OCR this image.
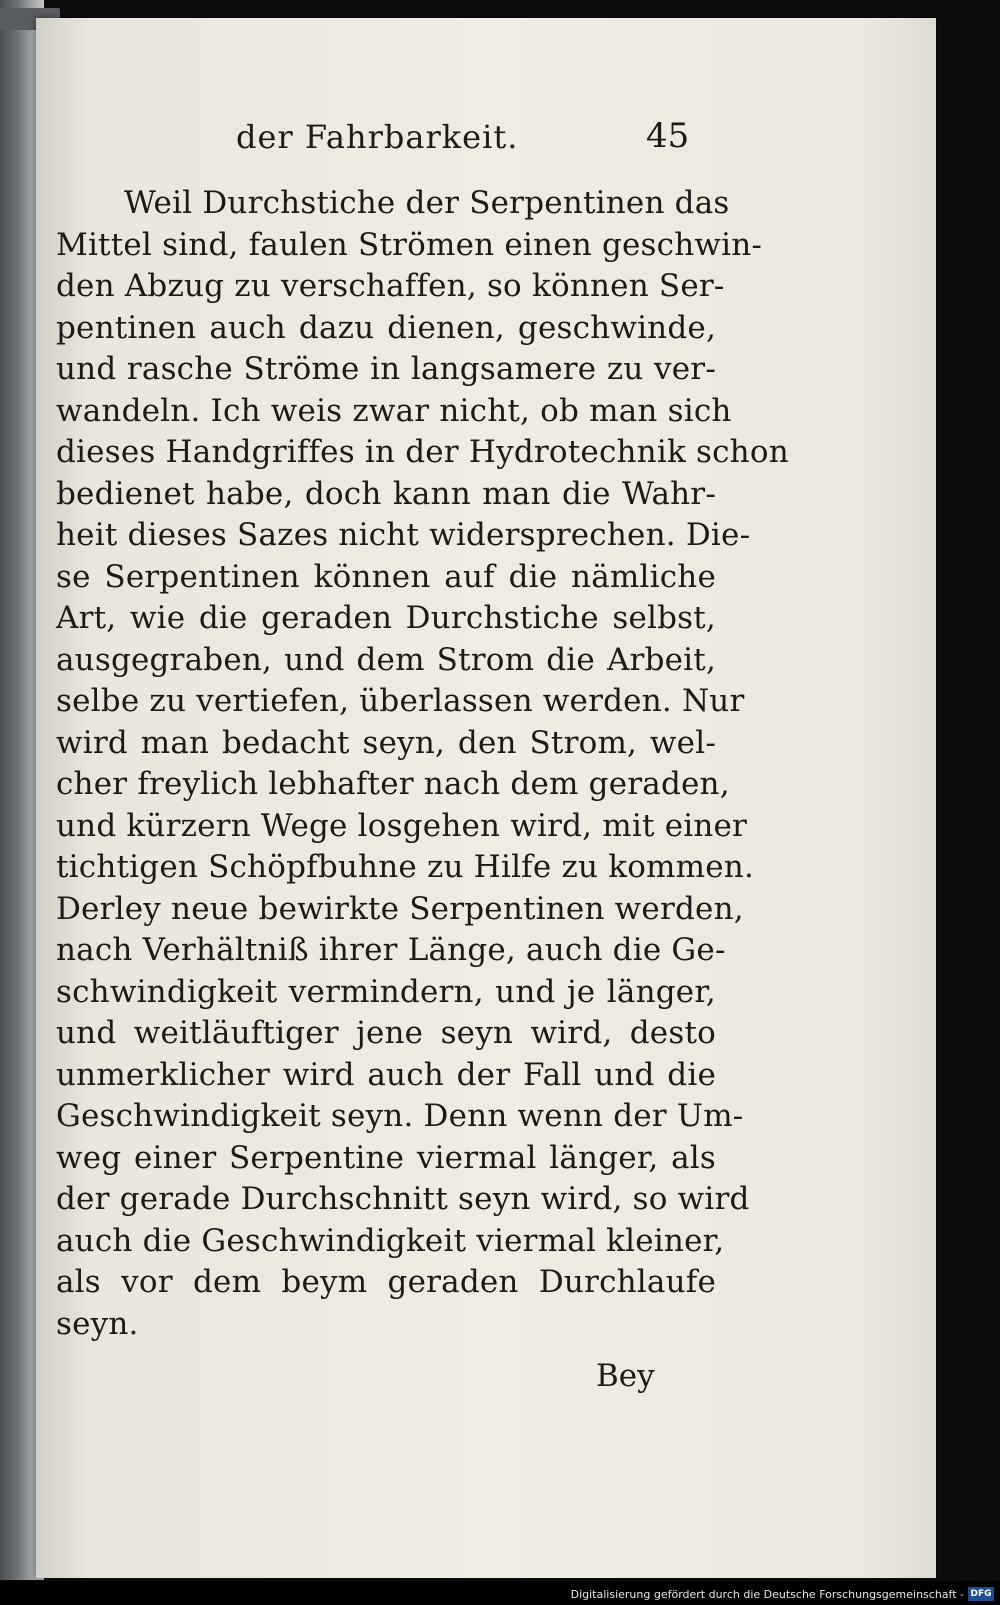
der Fahrbarkeit.	45
Weil Durchstiche der Serpentinen das
Mittel sind, faulen Strömen einen geschwin-
den Abzug zu verschaffen, so können Ser-
pentinen auch dazu dienen, geschwinde,
und rasche Ströme in langsamere zu ver-
wandeln. Ich weis zwar nicht, ob man sich
dieses Handgriffes in der Hydrotechnik schon
bedienet habe, doch kann man die Wahr-
heit dieses Sazes nicht widersprechen. Die-
se Serpentinen können auf die nämliche
Art, wie die geraden Durchstiche selbst,
ausgegraben, und dem Strom die Arbeit,
selbe zu vertiefen, überlassen werden. Nur
wird man bedacht seyn, den Strom, wel-
cher freylich lebhafter nach dem geraden,
und kürzern Wege losgehen wird, mit einer
tichtigen Schöpfbuhne zu Hilfe zu kommen.
Derley neue bewirkte Serpentinen werden,
nach Verhältniß ihrer Länge, auch die Ge-
schwindigkeit vermindern, und je länger,
und weitläuftiger jene seyn wird, desto
unmerklicher wird auch der Fall und die
Geschwindigkeit seyn. Denn wenn der Um-
weg einer Serpentine viermal länger, als
der gerade Durchschnitt seyn wird, so wird
auch die Geschwindigkeit viermal kleiner,
als vor dem beym geraden Durchlaufe
seyn.
Bey
Digitalisierung gefördert durch die Deutsche Forschungsgemeinschaft - DFG
